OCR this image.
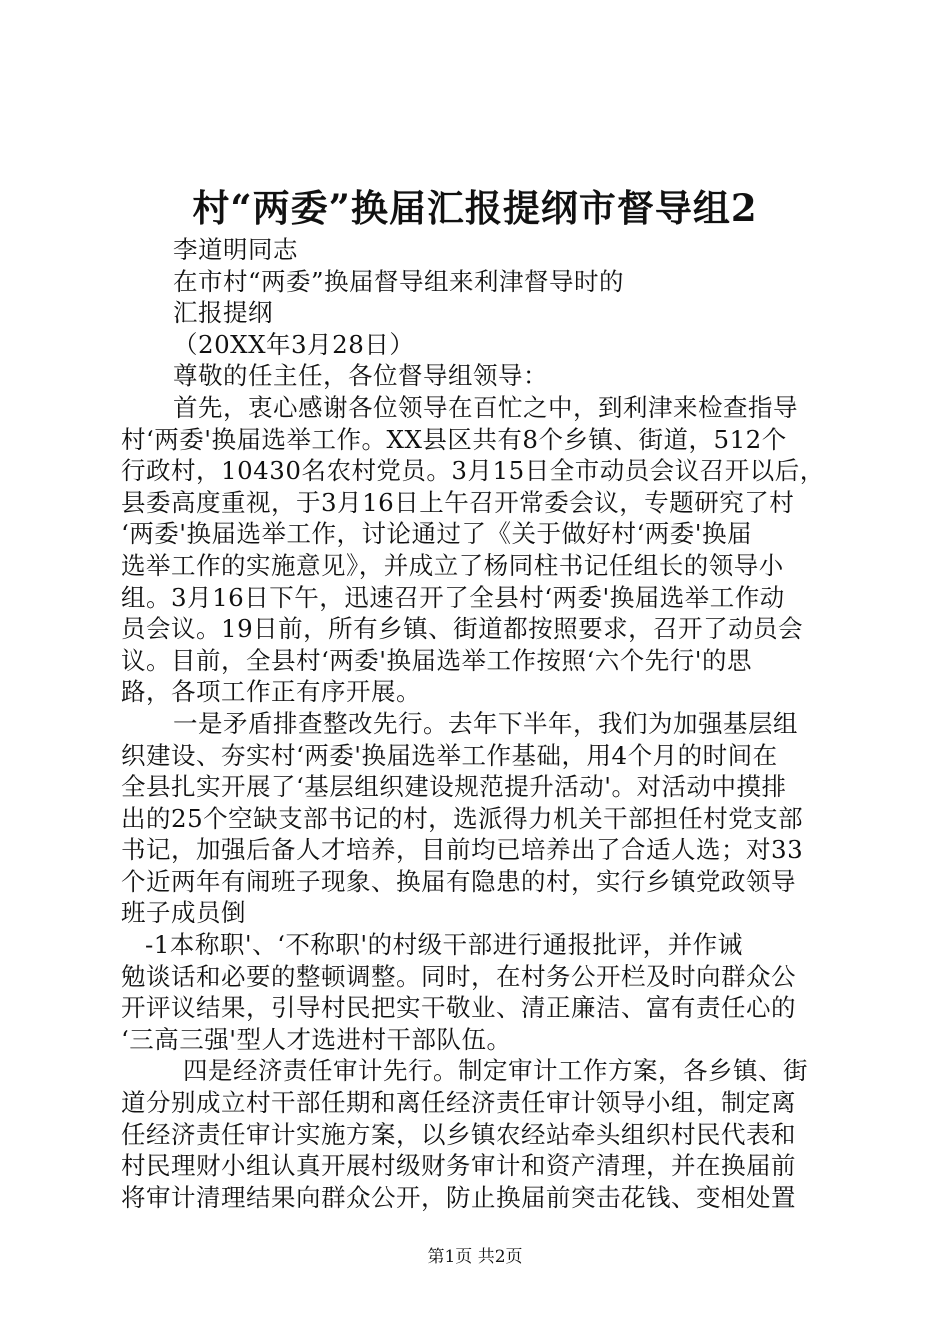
村“两委”换届汇报提纲市督导组2
李道明同志
在市村“两委”换届督导组来利津督导时的
汇报提纲
（20XX年3月28日）
尊敬的任主任，各位督导组领导：
首先，衷心感谢各位领导在百忙之中，到利津来检查指导
村‘两委'换届选举工作。XX县区共有8个乡镇、街道，512个
行政村，10430名农村党员。3月15日全市动员会议召开以后，
县委高度重视，于3月16日上午召开常委会议，专题研究了村
‘两委'换届选举工作，讨论通过了《关于做好村‘两委'换届
选举工作的实施意见》，并成立了杨同柱书记任组长的领导小
组。3月16日下午，迅速召开了全县村‘两委'换届选举工作动
员会议。19日前，所有乡镇、街道都按照要求，召开了动员会
议。目前，全县村‘两委'换届选举工作按照‘六个先行'的思
路，各项工作正有序开展。
一是矛盾排查整改先行。去年下半年，我们为加强基层组
织建设、夯实村‘两委'换届选举工作基础，用4个月的时间在
全县扎实开展了‘基层组织建设规范提升活动'。对活动中摸排
出的25个空缺支部书记的村，选派得力机关干部担任村党支部
书记，加强后备人才培养，目前均已培养出了合适人选；对33
个近两年有闹班子现象、换届有隐患的村，实行乡镇党政领导
班子成员倒
-1本称职'、‘不称职'的村级干部进行通报批评，并作诫
勉谈话和必要的整顿调整。同时，在村务公开栏及时向群众公
开评议结果，引导村民把实干敬业、清正廉洁、富有责任心的
‘三高三强'型人才选进村干部队伍。
四是经济责任审计先行。制定审计工作方案，各乡镇、街
道分别成立村干部任期和离任经济责任审计领导小组，制定离
任经济责任审计实施方案，以乡镇农经站牵头组织村民代表和
村民理财小组认真开展村级财务审计和资产清理，并在换届前
将审计清理结果向群众公开，防止换届前突击花钱、变相处置
第1页 共2页
